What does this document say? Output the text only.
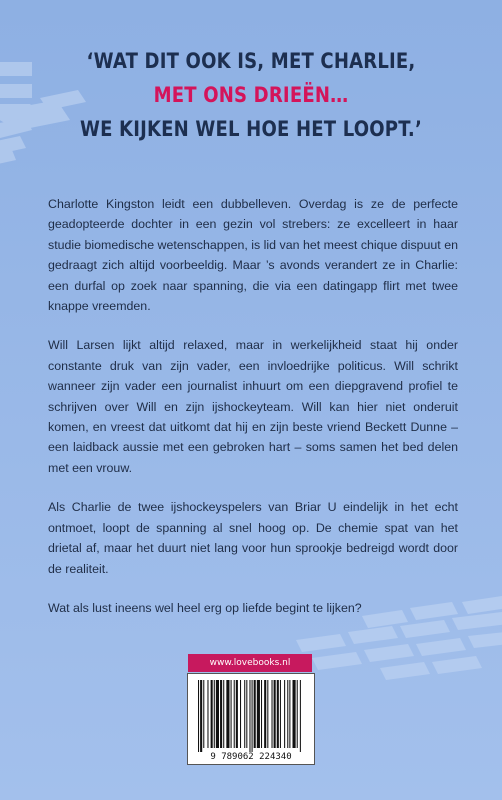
‘WAT DIT OOK IS, MET CHARLIE,
MET ONS DRIEËN…
WE KIJKEN WEL HOE HET LOOPT.’

Charlotte Kingston leidt een dubbelleven. Overdag is ze de perfecte geadopteerde dochter in een gezin vol strebers: ze excelleert in haar studie biomedische wetenschappen, is lid van het meest chique dispuut en gedraagt zich altijd voorbeeldig. Maar ’s avonds verandert ze in Charlie: een durfal op zoek naar spanning, die via een datingapp flirt met twee knappe vreemden.

Will Larsen lijkt altijd relaxed, maar in werkelijkheid staat hij onder constante druk van zijn vader, een invloedrijke politicus. Will schrikt wanneer zijn vader een journalist inhuurt om een diepgravend profiel te schrijven over Will en zijn ijshockeyteam. Will kan hier niet onderuit komen, en vreest dat uitkomt dat hij en zijn beste vriend Beckett Dunne – een laidback aussie met een gebroken hart – soms samen het bed delen met een vrouw.

Als Charlie de twee ijshockeyspelers van Briar U eindelijk in het echt ontmoet, loopt de spanning al snel hoog op. De chemie spat van het drietal af, maar het duurt niet lang voor hun sprookje bedreigd wordt door de realiteit.

Wat als lust ineens wel heel erg op liefde begint te lijken?

www.lovebooks.nl
9 789062 224340
